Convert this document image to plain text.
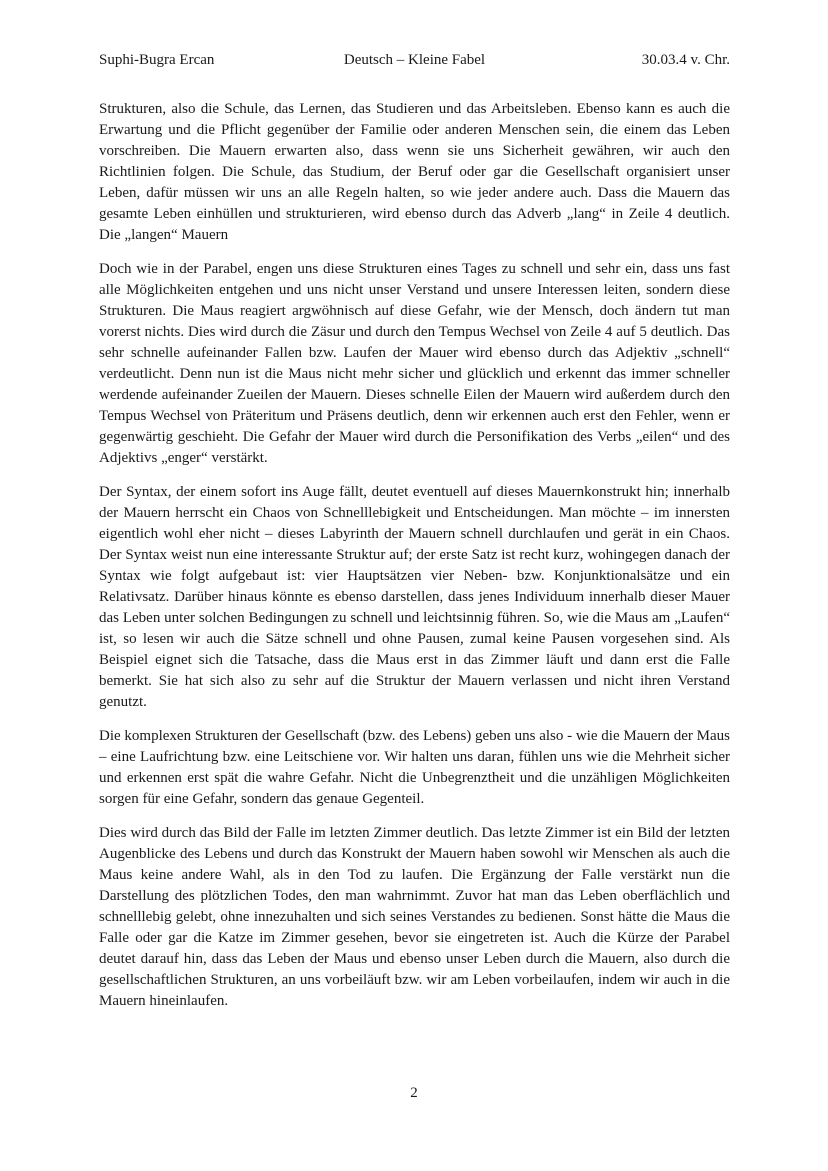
Suphi-Bugra Ercan	Deutsch – Kleine Fabel	30.03.4 v. Chr.

Strukturen, also die Schule, das Lernen, das Studieren und das Arbeitsleben. Ebenso kann es auch die Erwartung und die Pflicht gegenüber der Familie oder anderen Menschen sein, die einem das Leben vorschreiben. Die Mauern erwarten also, dass wenn sie uns Sicherheit gewähren, wir auch den Richtlinien folgen. Die Schule, das Studium, der Beruf oder gar die Gesellschaft organisiert unser Leben, dafür müssen wir uns an alle Regeln halten, so wie jeder andere auch. Dass die Mauern das gesamte Leben einhüllen und strukturieren, wird ebenso durch das Adverb „lang“ in Zeile 4 deutlich. Die „langen“ Mauern

Doch wie in der Parabel, engen uns diese Strukturen eines Tages zu schnell und sehr ein, dass uns fast alle Möglichkeiten entgehen und uns nicht unser Verstand und unsere Interessen leiten, sondern diese Strukturen. Die Maus reagiert argwöhnisch auf diese Gefahr, wie der Mensch, doch ändern tut man vorerst nichts. Dies wird durch die Zäsur und durch den Tempus Wechsel von Zeile 4 auf 5 deutlich. Das sehr schnelle aufeinander Fallen bzw. Laufen der Mauer wird ebenso durch das Adjektiv „schnell“ verdeutlicht. Denn nun ist die Maus nicht mehr sicher und glücklich und erkennt das immer schneller werdende aufeinander Zueilen der Mauern. Dieses schnelle Eilen der Mauern wird außerdem durch den Tempus Wechsel von Präteritum und Präsens deutlich, denn wir erkennen auch erst den Fehler, wenn er gegenwärtig geschieht. Die Gefahr der Mauer wird durch die Personifikation des Verbs „eilen“ und des Adjektivs „enger“ verstärkt.

Der Syntax, der einem sofort ins Auge fällt, deutet eventuell auf dieses Mauernkonstrukt hin; innerhalb der Mauern herrscht ein Chaos von Schnelllebigkeit und Entscheidungen. Man möchte – im innersten eigentlich wohl eher nicht – dieses Labyrinth der Mauern schnell durchlaufen und gerät in ein Chaos. Der Syntax weist nun eine interessante Struktur auf; der erste Satz ist recht kurz, wohingegen danach der Syntax wie folgt aufgebaut ist: vier Hauptsätzen vier Neben- bzw. Konjunktionalsätze und ein Relativsatz. Darüber hinaus könnte es ebenso darstellen, dass jenes Individuum innerhalb dieser Mauer das Leben unter solchen Bedingungen zu schnell und leichtsinnig führen. So, wie die Maus am „Laufen“ ist, so lesen wir auch die Sätze schnell und ohne Pausen, zumal keine Pausen vorgesehen sind. Als Beispiel eignet sich die Tatsache, dass die Maus erst in das Zimmer läuft und dann erst die Falle bemerkt. Sie hat sich also zu sehr auf die Struktur der Mauern verlassen und nicht ihren Verstand genutzt.

Die komplexen Strukturen der Gesellschaft (bzw. des Lebens) geben uns also - wie die Mauern der Maus – eine Laufrichtung bzw. eine Leitschiene vor. Wir halten uns daran, fühlen uns wie die Mehrheit sicher und erkennen erst spät die wahre Gefahr. Nicht die Unbegrenztheit und die unzähligen Möglichkeiten sorgen für eine Gefahr, sondern das genaue Gegenteil.

Dies wird durch das Bild der Falle im letzten Zimmer deutlich. Das letzte Zimmer ist ein Bild der letzten Augenblicke des Lebens und durch das Konstrukt der Mauern haben sowohl wir Menschen als auch die Maus keine andere Wahl, als in den Tod zu laufen. Die Ergänzung der Falle verstärkt nun die Darstellung des plötzlichen Todes, den man wahrnimmt. Zuvor hat man das Leben oberflächlich und schnelllebig gelebt, ohne innezuhalten und sich seines Verstandes zu bedienen. Sonst hätte die Maus die Falle oder gar die Katze im Zimmer gesehen, bevor sie eingetreten ist. Auch die Kürze der Parabel deutet darauf hin, dass das Leben der Maus und ebenso unser Leben durch die Mauern, also durch die gesellschaftlichen Strukturen, an uns vorbeiläuft bzw. wir am Leben vorbeilaufen, indem wir auch in die Mauern hineinlaufen.

2
